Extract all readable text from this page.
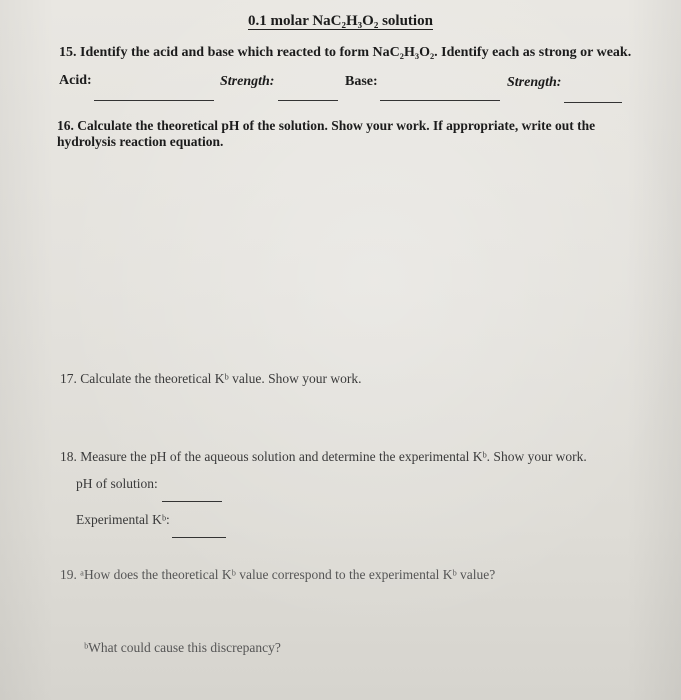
0.1 molar NaC₂H₃O₂ solution
15. Identify the acid and base which reacted to form NaC₂H₃O₂. Identify each as strong or weak.
Acid:	Strength:	Base:	Strength:
16. Calculate the theoretical pH of the solution. Show your work. If appropriate, write out the
hydrolysis reaction equation.
17. Calculate the theoretical Kᵇ value. Show your work.
18. Measure the pH of the aqueous solution and determine the experimental Kᵇ. Show your work.
pH of solution:
Experimental Kᵇ:
19. ᵃHow does the theoretical Kᵇ value correspond to the experimental Kᵇ value?
ᵇWhat could cause this discrepancy?
